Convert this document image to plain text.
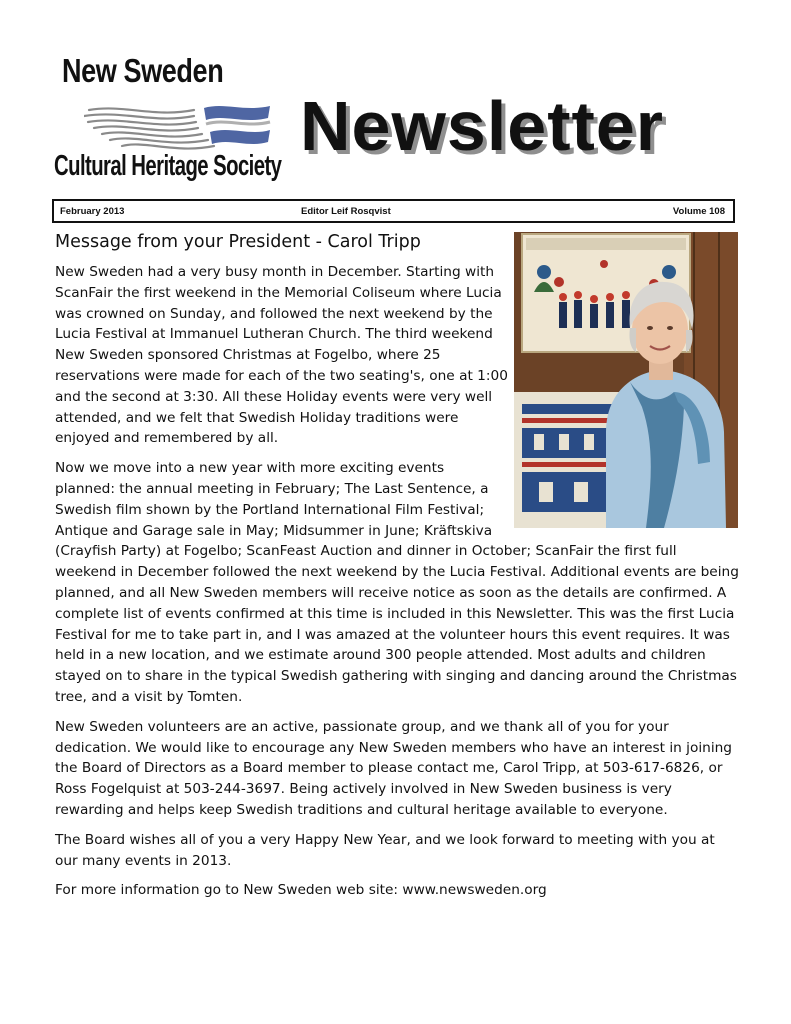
New Sweden
Cultural Heritage Society
Newsletter
February 2013	Editor Leif Rosqvist	Volume 108
Message from your President - Carol Tripp

New Sweden had a very busy month in December. Starting with ScanFair the first weekend in the Memorial Coliseum where Lucia was crowned on Sunday, and followed the next weekend by the Lucia Festival at Immanuel Lutheran Church. The third weekend New Sweden sponsored Christmas at Fogelbo, where 25 reservations were made for each of the two seating's, one at 1:00 and the second at 3:30. All these Holiday events were very well attended, and we felt that Swedish Holiday traditions were enjoyed and remembered by all.

Now we move into a new year with more exciting events planned: the annual meeting in February; The Last Sentence, a Swedish film shown by the Portland International Film Festival; Antique and Garage sale in May; Midsummer in June; Kräftskiva (Crayfish Party) at Fogelbo; ScanFeast Auction and dinner in October; ScanFair the first full weekend in December followed the next weekend by the Lucia Festival. Additional events are being planned, and all New Sweden members will receive notice as soon as the details are confirmed. A complete list of events confirmed at this time is included in this Newsletter. This was the first Lucia Festival for me to take part in, and I was amazed at the volunteer hours this event requires. It was held in a new location, and we estimate around 300 people attended. Most adults and children stayed on to share in the typical Swedish gathering with singing and dancing around the Christmas tree, and a visit by Tomten.

New Sweden volunteers are an active, passionate group, and we thank all of you for your dedication. We would like to encourage any New Sweden members who have an interest in joining the Board of Directors as a Board member to please contact me, Carol Tripp, at 503-617-6826, or Ross Fogelquist at 503-244-3697. Being actively involved in New Sweden business is very rewarding and helps keep Swedish traditions and cultural heritage available to everyone.

The Board wishes all of you a very Happy New Year, and we look forward to meeting with you at our many events in 2013.

For more information go to New Sweden web site: www.newsweden.org
